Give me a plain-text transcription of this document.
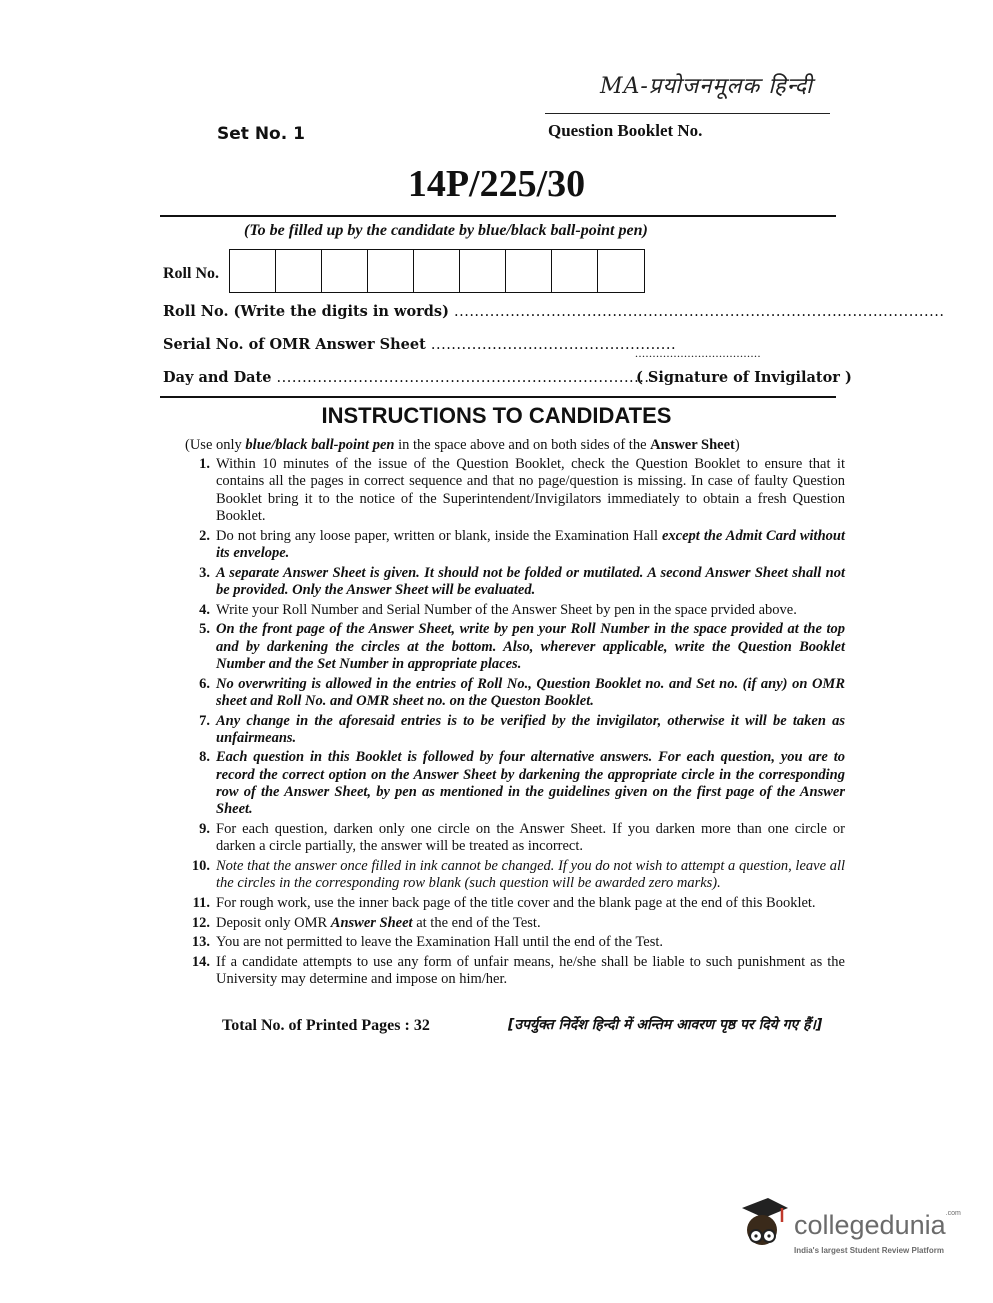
MA-प्रयोजनमूलक हिन्दी
Set No. 1	Question Booklet No.
14P/225/30
(To be filled up by the candidate by blue/black ball-point pen)
Roll No.
Roll No. (Write the digits in words) ................................................................................................
Serial No. of OMR Answer Sheet ................................................
Day and Date ..........................................................................
....................................
( Signature of Invigilator )
INSTRUCTIONS TO CANDIDATES
(Use only blue/black ball-point pen in the space above and on both sides of the Answer Sheet)
1. Within 10 minutes of the issue of the Question Booklet, check the Question Booklet to ensure that it contains all the pages in correct sequence and that no page/question is missing. In case of faulty Question Booklet bring it to the notice of the Superintendent/Invigilators immediately to obtain a fresh Question Booklet.
2. Do not bring any loose paper, written or blank, inside the Examination Hall except the Admit Card without its envelope.
3. A separate Answer Sheet is given. It should not be folded or mutilated. A second Answer Sheet shall not be provided. Only the Answer Sheet will be evaluated.
4. Write your Roll Number and Serial Number of the Answer Sheet by pen in the space prvided above.
5. On the front page of the Answer Sheet, write by pen your Roll Number in the space provided at the top and by darkening the circles at the bottom. Also, wherever applicable, write the Question Booklet Number and the Set Number in appropriate places.
6. No overwriting is allowed in the entries of Roll No., Question Booklet no. and Set no. (if any) on OMR sheet and Roll No. and OMR sheet no. on the Queston Booklet.
7. Any change in the aforesaid entries is to be verified by the invigilator, otherwise it will be taken as unfairmeans.
8. Each question in this Booklet is followed by four alternative answers. For each question, you are to record the correct option on the Answer Sheet by darkening the appropriate circle in the corresponding row of the Answer Sheet, by pen as mentioned in the guidelines given on the first page of the Answer Sheet.
9. For each question, darken only one circle on the Answer Sheet. If you darken more than one circle or darken a circle partially, the answer will be treated as incorrect.
10. Note that the answer once filled in ink cannot be changed. If you do not wish to attempt a question, leave all the circles in the corresponding row blank (such question will be awarded zero marks).
11. For rough work, use the inner back page of the title cover and the blank page at the end of this Booklet.
12. Deposit only OMR Answer Sheet at the end of the Test.
13. You are not permitted to leave the Examination Hall until the end of the Test.
14. If a candidate attempts to use any form of unfair means, he/she shall be liable to such punishment as the University may determine and impose on him/her.
Total No. of Printed Pages : 32	[उपर्युक्त निर्देश हिन्दी में अन्तिम आवरण पृष्ठ पर दिये गए हैं।]
collegedunia$^{.com}$
India's largest Student Review Platform
